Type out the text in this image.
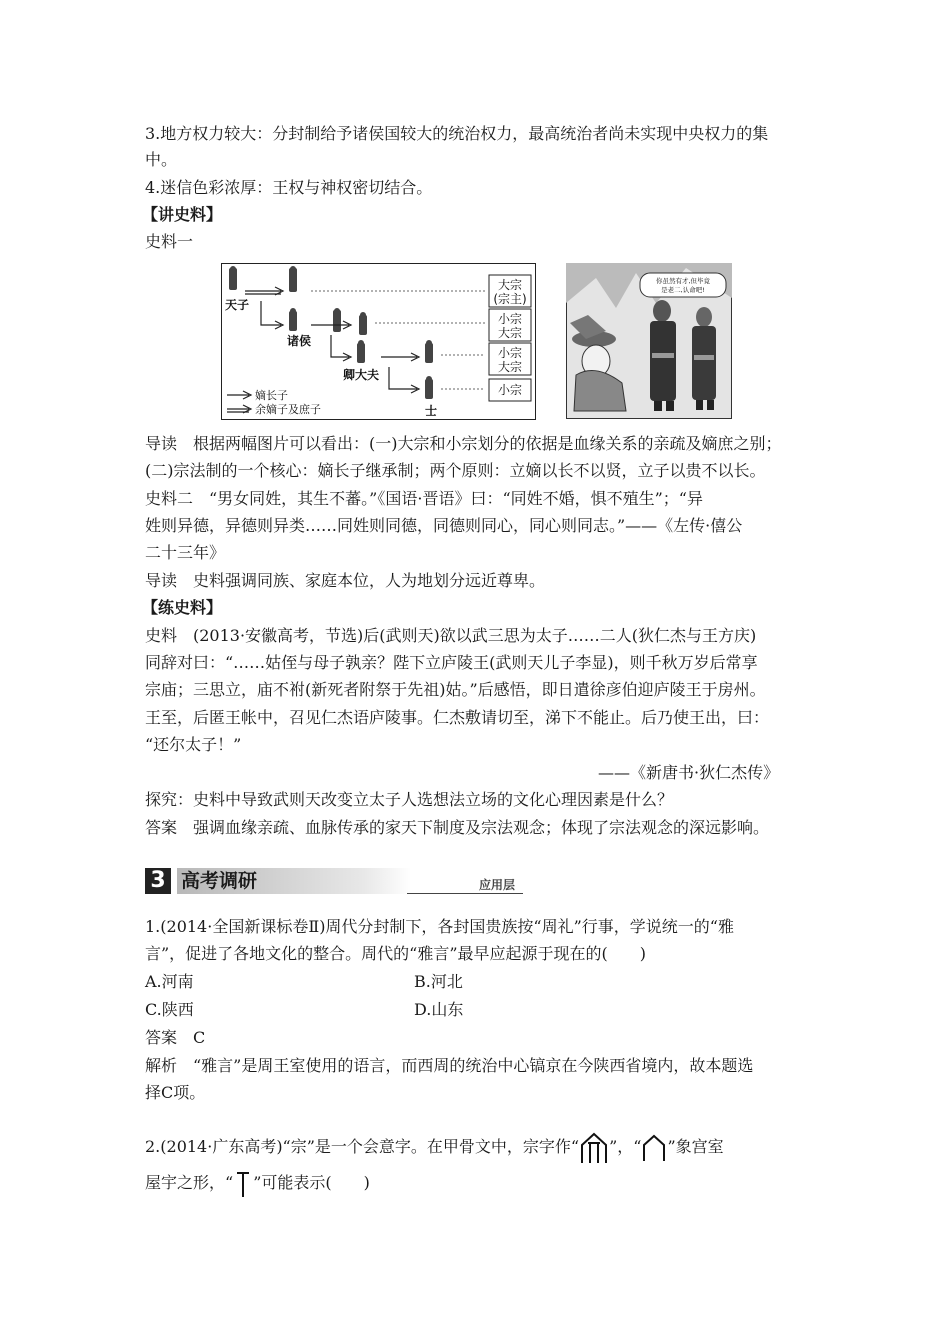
3.地方权力较大：分封制给予诸侯国较大的统治权力，最高统治者尚未实现中央权力的集
中。
4.迷信色彩浓厚：王权与神权密切结合。
【讲史料】
史料一
大宗
(宗主)
小宗
大宗
小宗
大宗
小宗
天子
诸侯
卿大夫
士
嫡长子
余嫡子及庶子
你虽然有才,但毕竟
是老二,认命吧!
导读　根据两幅图片可以看出：(一)大宗和小宗划分的依据是血缘关系的亲疏及嫡庶之别；
(二)宗法制的一个核心：嫡长子继承制；两个原则：立嫡以长不以贤，立子以贵不以长。
史料二　“男女同姓，其生不蕃。”《国语·晋语》曰：“同姓不婚，惧不殖生”；“异
姓则异德，异德则异类……同姓则同德，同德则同心，同心则同志。”——《左传·僖公
二十三年》
导读　史料强调同族、家庭本位，人为地划分远近尊卑。
【练史料】
史料　(2013·安徽高考，节选)后(武则天)欲以武三思为太子……二人(狄仁杰与王方庆)
同辞对曰：“……姑侄与母子孰亲？陛下立庐陵王(武则天儿子李显)，则千秋万岁后常享
宗庙；三思立，庙不祔(新死者附祭于先祖)姑。”后感悟，即日遣徐彦伯迎庐陵王于房州。
王至，后匿王帐中，召见仁杰语庐陵事。仁杰敷请切至，涕下不能止。后乃使王出，曰：
“还尔太子！”
——《新唐书·狄仁杰传》
探究：史料中导致武则天改变立太子人选想法立场的文化心理因素是什么？
答案　强调血缘亲疏、血脉传承的家天下制度及宗法观念；体现了宗法观念的深远影响。
3 高考调研	应用层
1.(2014·全国新课标卷Ⅱ)周代分封制下，各封国贵族按“周礼”行事，学说统一的“雅
言”，促进了各地文化的整合。周代的“雅言”最早应起源于现在的(　　)
A.河南	B.河北
C.陕西	D.山东
答案　C
解析　“雅言”是周王室使用的语言，而西周的统治中心镐京在今陕西省境内，故本题选
择C项。
2.(2014·广东高考)“宗”是一个会意字。在甲骨文中，宗字作“ ”，“ ”象宫室
屋宇之形，“ ”可能表示(　　)
